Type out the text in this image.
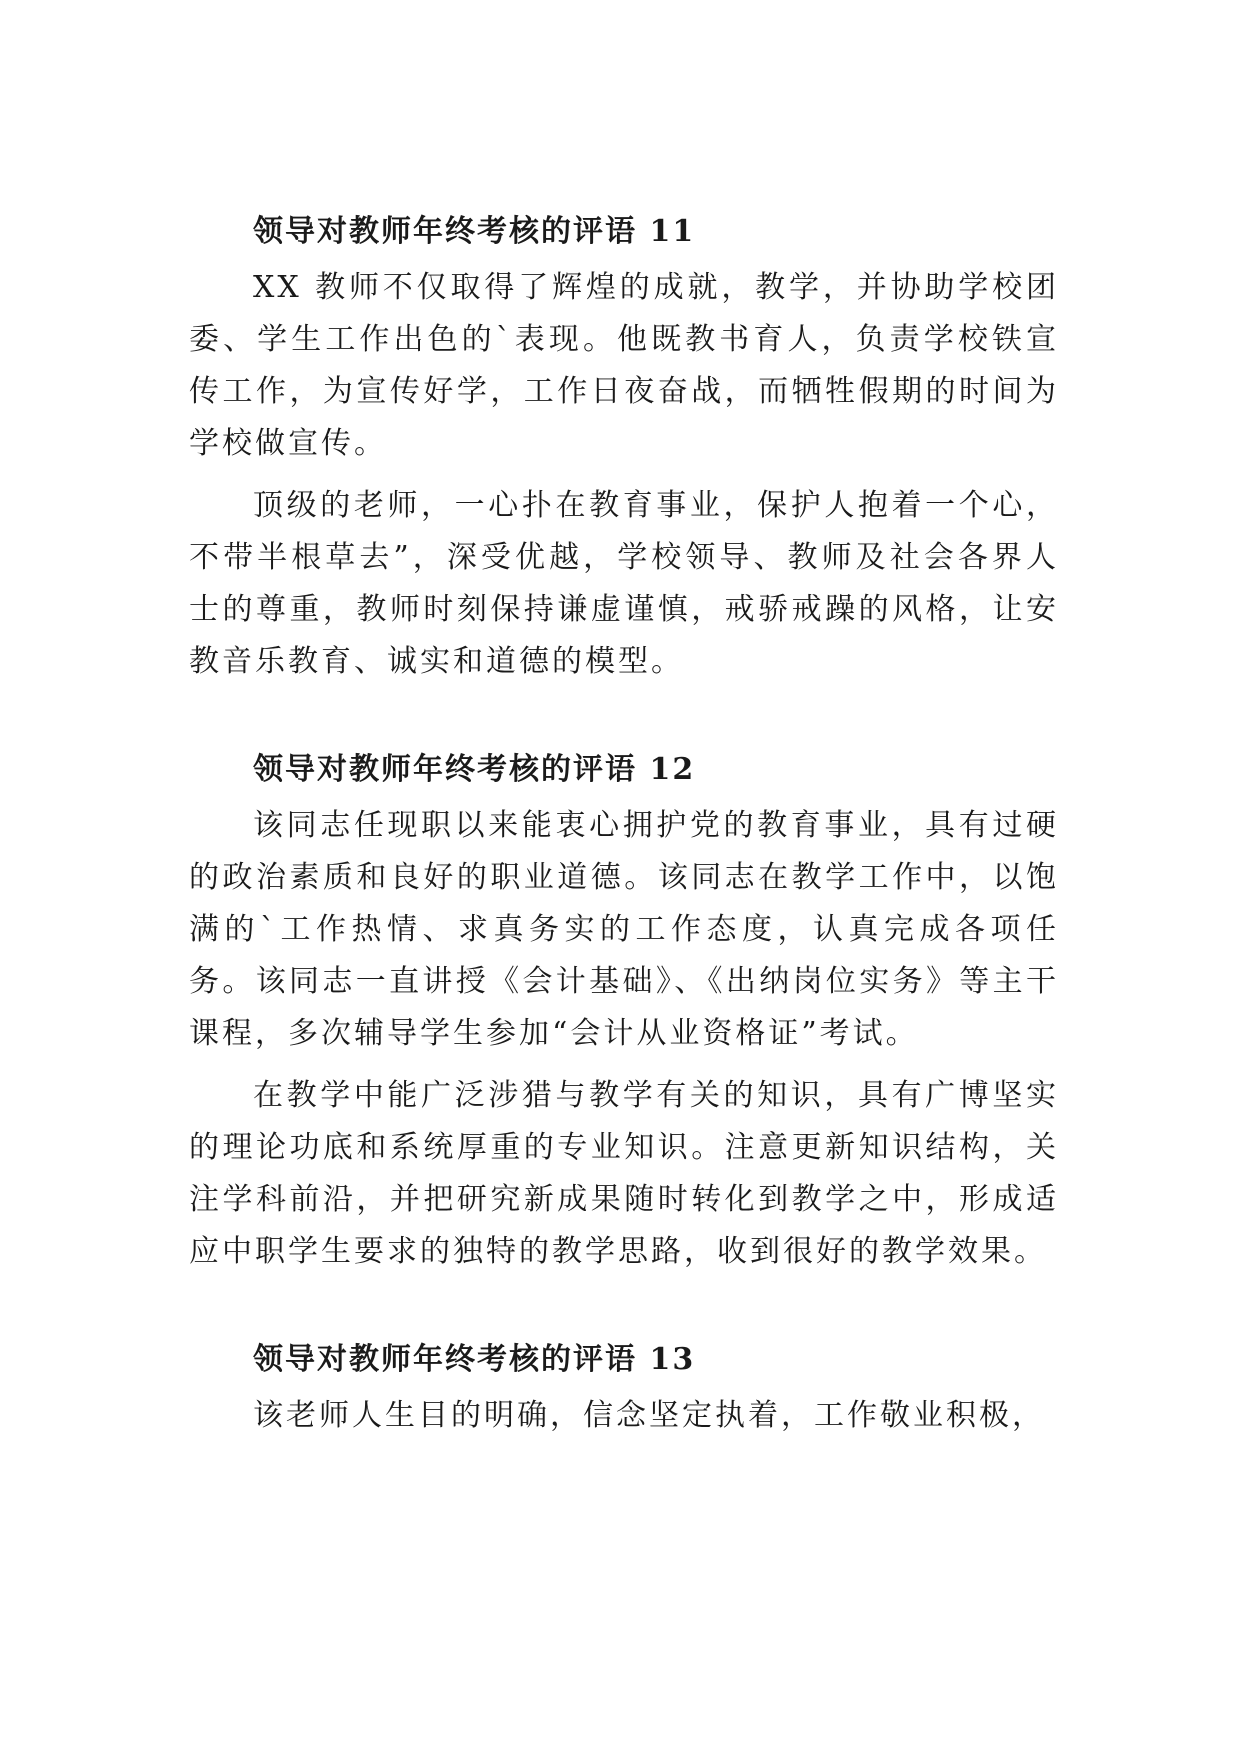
领导对教师年终考核的评语 11

XX 教师不仅取得了辉煌的成就，教学，并协助学校团委、学生工作出色的`表现。他既教书育人，负责学校铁宣传工作，为宣传好学，工作日夜奋战，而牺牲假期的时间为学校做宣传。

顶级的老师，一心扑在教育事业，保护人抱着一个心，不带半根草去”，深受优越，学校领导、教师及社会各界人士的尊重，教师时刻保持谦虚谨慎，戒骄戒躁的风格，让安教音乐教育、诚实和道德的模型。

领导对教师年终考核的评语 12

该同志任现职以来能衷心拥护党的教育事业，具有过硬的政治素质和良好的职业道德。该同志在教学工作中，以饱满的`工作热情、求真务实的工作态度，认真完成各项任务。该同志一直讲授《会计基础》、《出纳岗位实务》等主干课程，多次辅导学生参加“会计从业资格证”考试。

在教学中能广泛涉猎与教学有关的知识，具有广博坚实的理论功底和系统厚重的专业知识。注意更新知识结构，关注学科前沿，并把研究新成果随时转化到教学之中，形成适应中职学生要求的独特的教学思路，收到很好的教学效果。

领导对教师年终考核的评语 13

该老师人生目的明确，信念坚定执着，工作敬业积极，
